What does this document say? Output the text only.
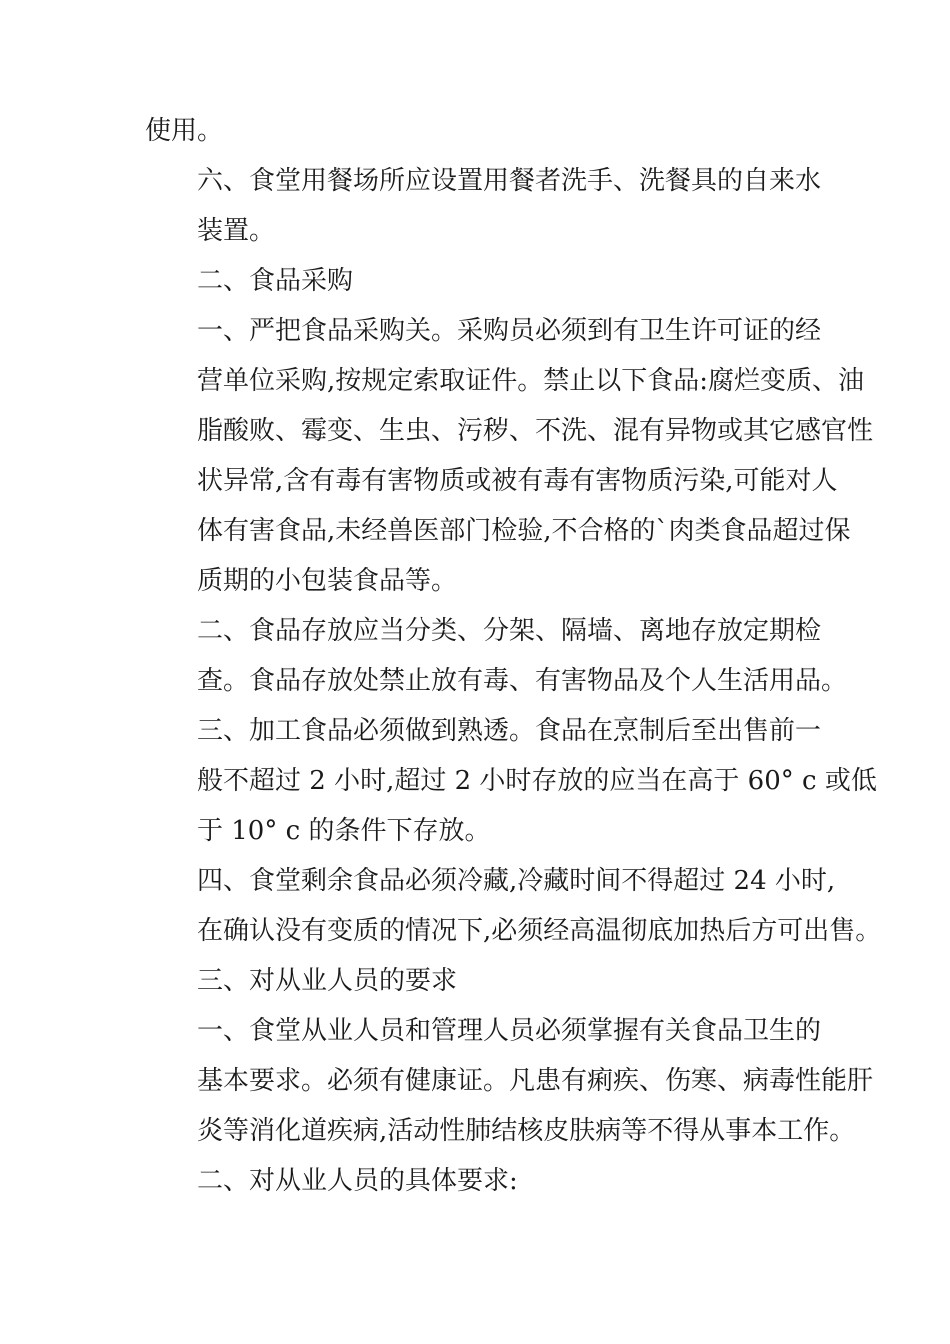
使用。

六、食堂用餐场所应设置用餐者洗手、洗餐具的自来水
装置。

二、食品采购

一、严把食品采购关。采购员必须到有卫生许可证的经
营单位采购,按规定索取证件。禁止以下食品:腐烂变质、油
脂酸败、霉变、生虫、污秽、不洗、混有异物或其它感官性
状异常,含有毒有害物质或被有毒有害物质污染,可能对人
体有害食品,未经兽医部门检验,不合格的`肉类食品超过保
质期的小包装食品等。

二、食品存放应当分类、分架、隔墙、离地存放定期检
查。食品存放处禁止放有毒、有害物品及个人生活用品。

三、加工食品必须做到熟透。食品在烹制后至出售前一
般不超过 2 小时,超过 2 小时存放的应当在高于 60° c 或低
于 10° c 的条件下存放。

四、食堂剩余食品必须冷藏,冷藏时间不得超过 24 小时,
在确认没有变质的情况下,必须经高温彻底加热后方可出售。

三、对从业人员的要求

一、食堂从业人员和管理人员必须掌握有关食品卫生的
基本要求。必须有健康证。凡患有痢疾、伤寒、病毒性能肝
炎等消化道疾病,活动性肺结核皮肤病等不得从事本工作。

二、对从业人员的具体要求:
